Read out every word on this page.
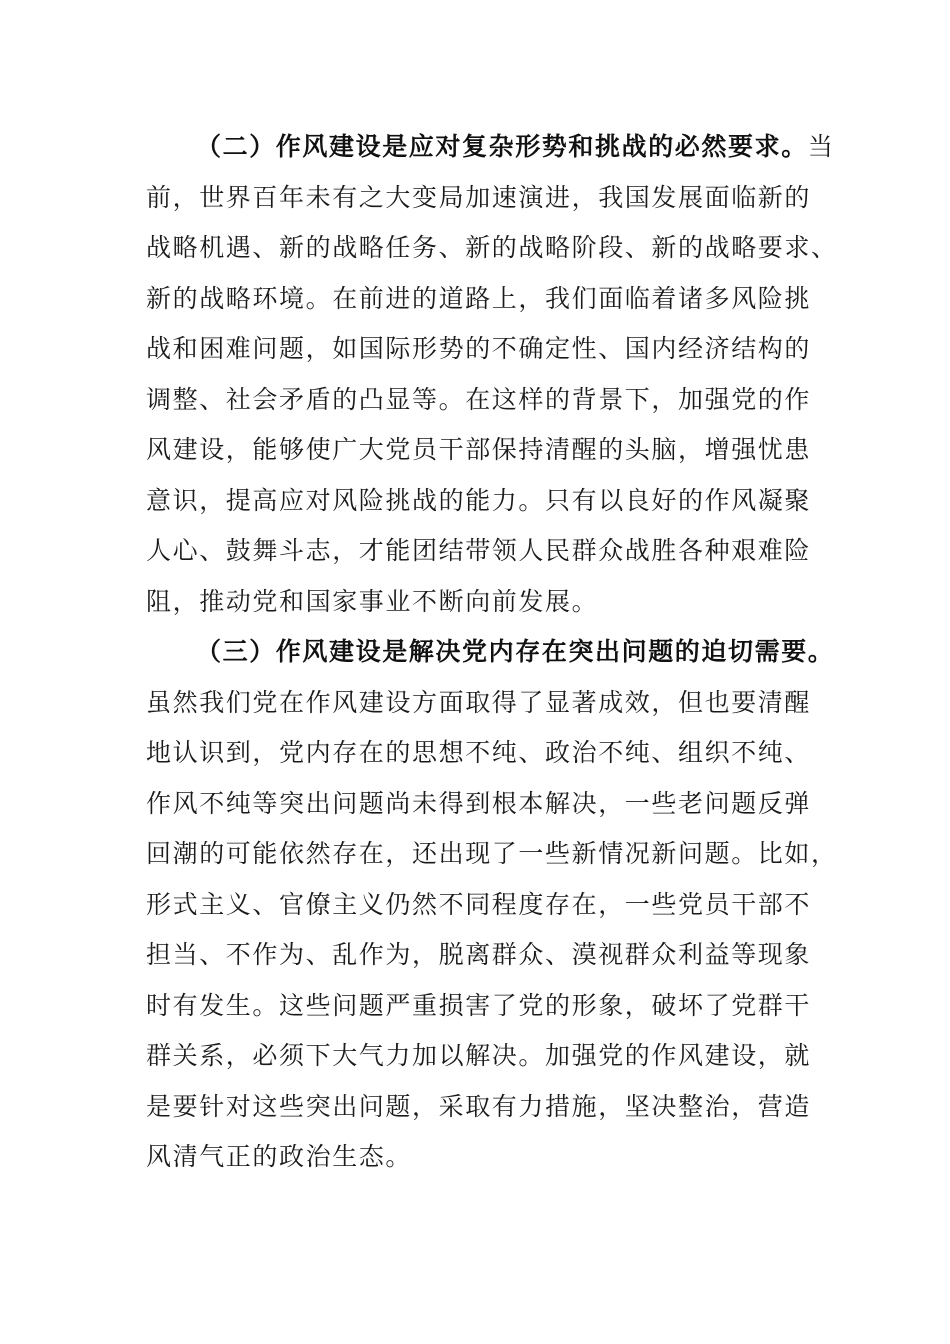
（二）作风建设是应对复杂形势和挑战的必然要求。当
前，世界百年未有之大变局加速演进，我国发展面临新的
战略机遇、新的战略任务、新的战略阶段、新的战略要求、
新的战略环境。在前进的道路上，我们面临着诸多风险挑
战和困难问题，如国际形势的不确定性、国内经济结构的
调整、社会矛盾的凸显等。在这样的背景下，加强党的作
风建设，能够使广大党员干部保持清醒的头脑，增强忧患
意识，提高应对风险挑战的能力。只有以良好的作风凝聚
人心、鼓舞斗志，才能团结带领人民群众战胜各种艰难险
阻，推动党和国家事业不断向前发展。
（三）作风建设是解决党内存在突出问题的迫切需要。
虽然我们党在作风建设方面取得了显著成效，但也要清醒
地认识到，党内存在的思想不纯、政治不纯、组织不纯、
作风不纯等突出问题尚未得到根本解决，一些老问题反弹
回潮的可能依然存在，还出现了一些新情况新问题。比如，
形式主义、官僚主义仍然不同程度存在，一些党员干部不
担当、不作为、乱作为，脱离群众、漠视群众利益等现象
时有发生。这些问题严重损害了党的形象，破坏了党群干
群关系，必须下大气力加以解决。加强党的作风建设，就
是要针对这些突出问题，采取有力措施，坚决整治，营造
风清气正的政治生态。
